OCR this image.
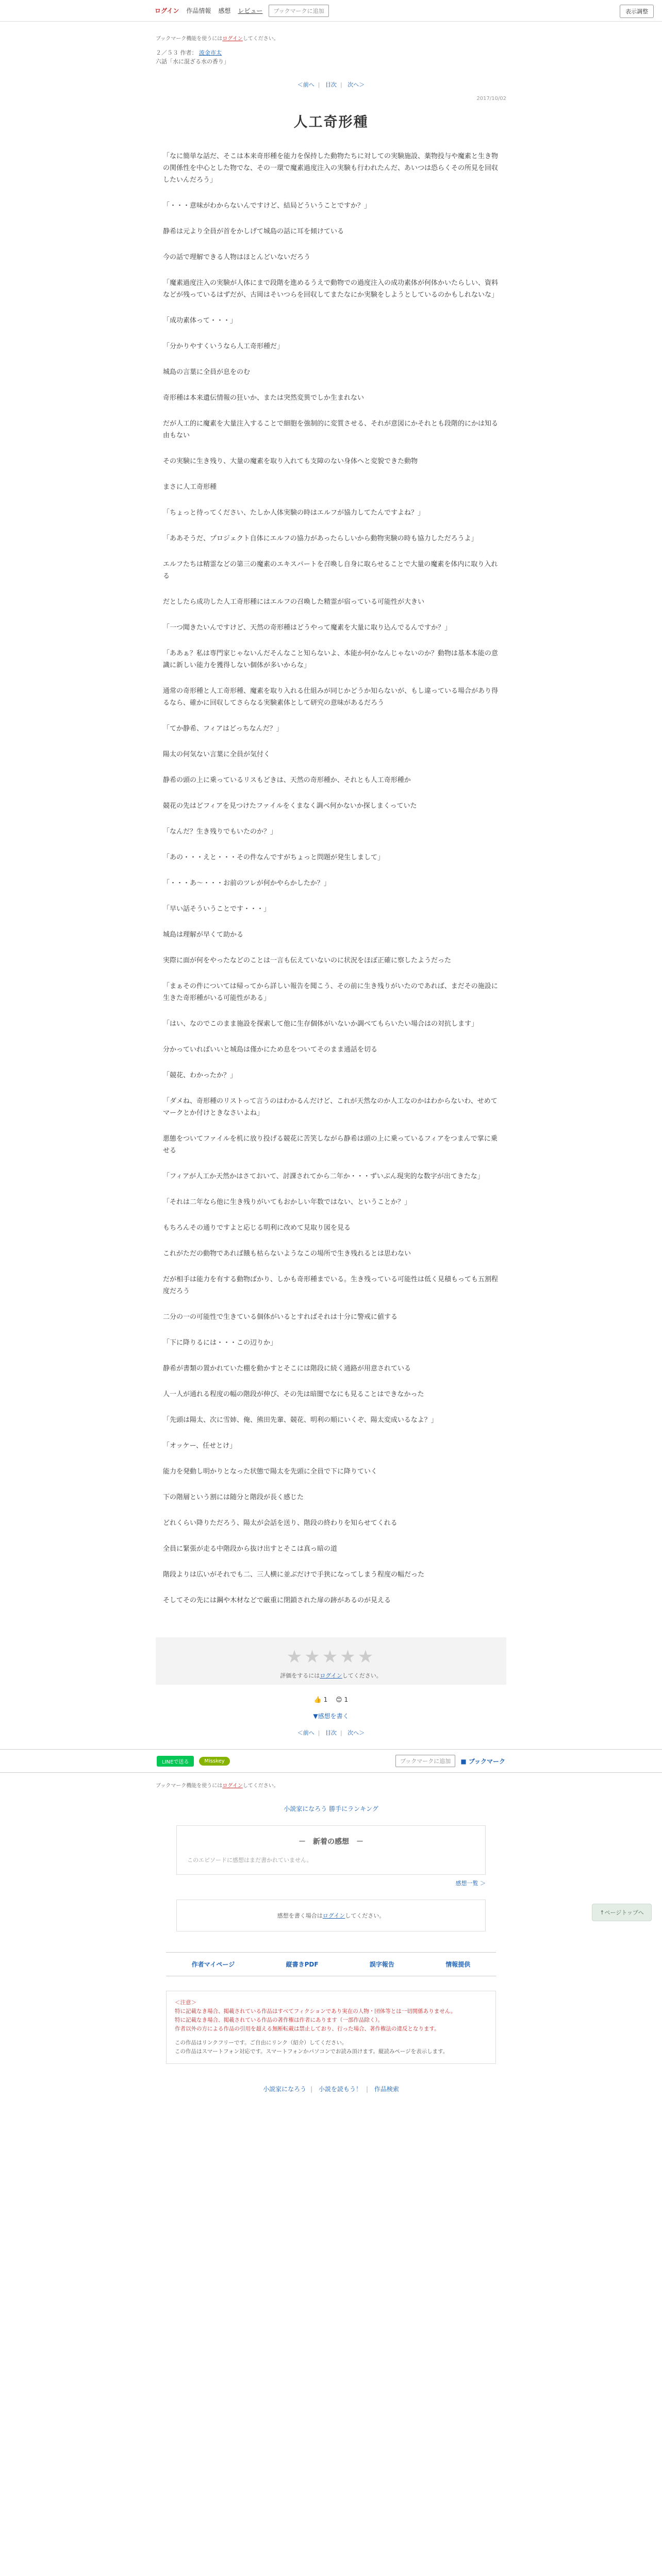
ログイン 作品情報 感想 レビュー	ブックマークに追加	表示調整
ブックマーク機能を使うにはログインしてください。
２／５３ 作者： 波金市太
六話「水に混ざる水の香り」
＜前へ | 目次 | 次へ＞
2017/10/02
人工奇形種

「なに簡単な話だ、そこは本来奇形種を能力を保持した動物たちに対しての実験施設、薬物投与や魔素と生き物の関係性を中心とした物でな、その一環で魔素過度注入の実験も行われたんだ、あいつは恐らくその所見を回収したいんだろう」

「・・・意味がわからないんですけど、結局どういうことですか？」

静希は元より全員が首をかしげて城島の話に耳を傾けている

今の話で理解できる人物はほとんどいないだろう

「魔素過度注入の実験が人体にまで段階を進めるうえで動物での過度注入の成功素体が何体かいたらしい、資料などが残っているはずだが、古岡はそいつらを回収してまたなにか実験をしようとしているのかもしれないな」

「成功素体って・・・」

「分かりやすくいうなら人工奇形種だ」

城島の言葉に全員が息をのむ

奇形種は本来遺伝情報の狂いか、または突然変異でしか生まれない

だが人工的に魔素を大量注入することで細胞を強制的に変質させる、それが意図にかそれとも段階的にかは知る由もない

その実験に生き残り、大量の魔素を取り入れても支障のない身体へと変貌できた動物

まさに人工奇形種

「ちょっと待ってください、たしか人体実験の時はエルフが協力してたんですよね？」

「ああそうだ、プロジェクト自体にエルフの協力があったらしいから動物実験の時も協力しただろうよ」

エルフたちは精霊などの第三の魔素のエキスパートを召喚し自身に取らせることで大量の魔素を体内に取り入れる

だとしたら成功した人工奇形種にはエルフの召喚した精霊が宿っている可能性が大きい

「一つ聞きたいんですけど、天然の奇形種はどうやって魔素を大量に取り込んでるんですか？」

「ああぁ？私は専門家じゃないんだそんなこと知らないよ、本能か何かなんじゃないのか？動物は基本本能の意識に新しい能力を獲得しない個体が多いからな」

通常の奇形種と人工奇形種、魔素を取り入れる仕組みが同じかどうか知らないが、もし違っている場合があり得るなら、確かに回収してさらなる実験素体として研究の意味があるだろう

「てか静希、フィアはどっちなんだ？」

陽太の何気ない言葉に全員が気付く

静希の頭の上に乗っているリスもどきは、天然の奇形種か、それとも人工奇形種か

競花の先はどフィアを見つけたファイルをくまなく調べ何かないか探しまくっていた

「なんだ？生き残りでもいたのか？」

「あの・・・えと・・・その件なんですがちょっと問題が発生しまして」

「・・・あ～・・・お前のツレが何かやらかしたか？」

「早い話そういうことです・・・」

城島は理解が早くて助かる

実際に面が何をやったなどのことは一言も伝えていないのに状況をほぼ正確に察したようだった

「まぁその件については帰ってから詳しい報告を聞こう、その前に生き残りがいたのであれば、まだその施設に生きた奇形種がいる可能性がある」

「はい、なのでこのまま施設を探索して他に生存個体がいないか調べてもらいたい場合はの対抗します」

分かっていればいいと城島は僅かにため息をついてそのまま通話を切る

「競花、わかったか？」

「ダメね、奇形種のリストって言うのはわかるんだけど、これが天然なのか人工なのかはわからないわ、せめてマークとか付けときなさいよね」

悪態をついてファイルを机に放り投げる競花に苦笑しながら静希は頭の上に乗っているフィアをつまんで掌に乗せる

「フィアが人工か天然かはさておいて、討課されてから二年か・・・ずいぶん現実的な数字が出てきたな」

「それは二年なら他に生き残りがいてもおかしい年数ではない、ということか？」

もちろんその通りですよと応じる明利に改めて見取り図を見る

これがただの動物であれば餓も枯らないようなこの場所で生き残れるとは思わない

だが相手は能力を有する動物ばかり、しかも奇形種までいる。生き残っている可能性は低く見積もっても五割程度だろう

二分の一の可能性で生きている個体がいるとすればそれは十分に警戒に値する

「下に降りるには・・・この辺りか」

静希が書類の置かれていた棚を動かすとそこには階段に続く通路が用意されている

人一人が通れる程度の幅の階段が伸び、その先は暗闇でなにも見ることはできなかった

「先頭は陽太、次に雪姉、俺、熊田先輩、競花、明利の順にいくぞ、陽太変成いるなよ？」

「オッケー、任せとけ」

能力を発動し明かりとなった状態で陽太を先頭に全員で下に降りていく

下の階層という割には随分と階段が長く感じた

どれくらい降りただろう、陽太が会話を送り、階段の終わりを知らせてくれる

全員に緊張が走る中階段から抜け出すとそこは真っ暗の道

階段よりは広いがそれでも二、三人横に並ぶだけで手狭になってしまう程度の幅だった

そしてその先には鋼や木材などで厳重に閉鎖された扉の跡があるのが見える

★★★★★
評価をするにはログインしてください。
👍 1 😊 1
▼感想を書く
＜前へ | 目次 | 次へ＞
LINEで送る	Misskey	ブックマークに追加	■ ブックマーク
ブックマーク機能を使うにはログインしてください。
小説家になろう 勝手にランキング
－　新着の感想　－
このエピソードに感想はまだ書かれていません。
感想一覧 ＞
感想を書く場合はログインしてください。
作者マイページ	縦書きPDF	誤字報告	情報提供
＜注意＞
特に記載なき場合、掲載されている作品はすべてフィクションであり実在の人物・団体等とは一切関係ありません。
特に記載なき場合、掲載されている作品の著作権は作者にあります（一部作品除く）。
作者以外の方による作品の引用を超える無断転載は禁止しており、行った場合、著作権法の違反となります。
この作品はリンクフリーです。ご自由にリンク（紹介）してください。
この作品はスマートフォン対応です。スマートフォンかパソコンでお読み頂けます。縦読みページを表示します。
小説家になろう | 小説を読もう！ | 作品検索
↑ページトップへ
